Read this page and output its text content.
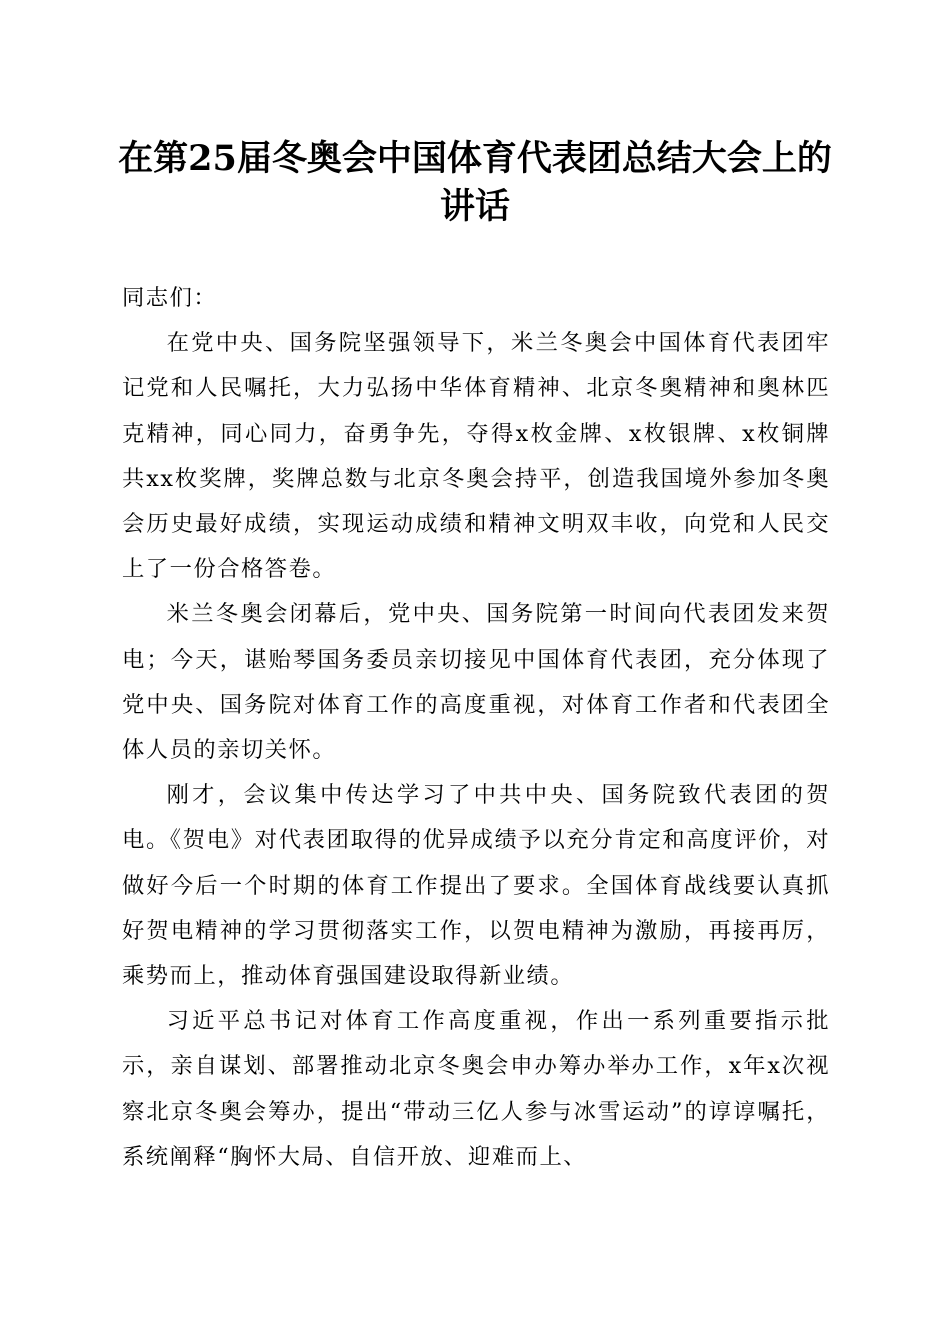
在第25届冬奥会中国体育代表团总结大会上的讲话

同志们：

在党中央、国务院坚强领导下，米兰冬奥会中国体育代表团牢记党和人民嘱托，大力弘扬中华体育精神、北京冬奥精神和奥林匹克精神，同心同力，奋勇争先，夺得x枚金牌、x枚银牌、x枚铜牌共xx枚奖牌，奖牌总数与北京冬奥会持平，创造我国境外参加冬奥会历史最好成绩，实现运动成绩和精神文明双丰收，向党和人民交上了一份合格答卷。

米兰冬奥会闭幕后，党中央、国务院第一时间向代表团发来贺电；今天，谌贻琴国务委员亲切接见中国体育代表团，充分体现了党中央、国务院对体育工作的高度重视，对体育工作者和代表团全体人员的亲切关怀。

刚才，会议集中传达学习了中共中央、国务院致代表团的贺电。《贺电》对代表团取得的优异成绩予以充分肯定和高度评价，对做好今后一个时期的体育工作提出了要求。全国体育战线要认真抓好贺电精神的学习贯彻落实工作，以贺电精神为激励，再接再厉，乘势而上，推动体育强国建设取得新业绩。

习近平总书记对体育工作高度重视，作出一系列重要指示批示，亲自谋划、部署推动北京冬奥会申办筹办举办工作，x年x次视察北京冬奥会筹办，提出“带动三亿人参与冰雪运动”的谆谆嘱托，系统阐释“胸怀大局、自信开放、迎难而上、
